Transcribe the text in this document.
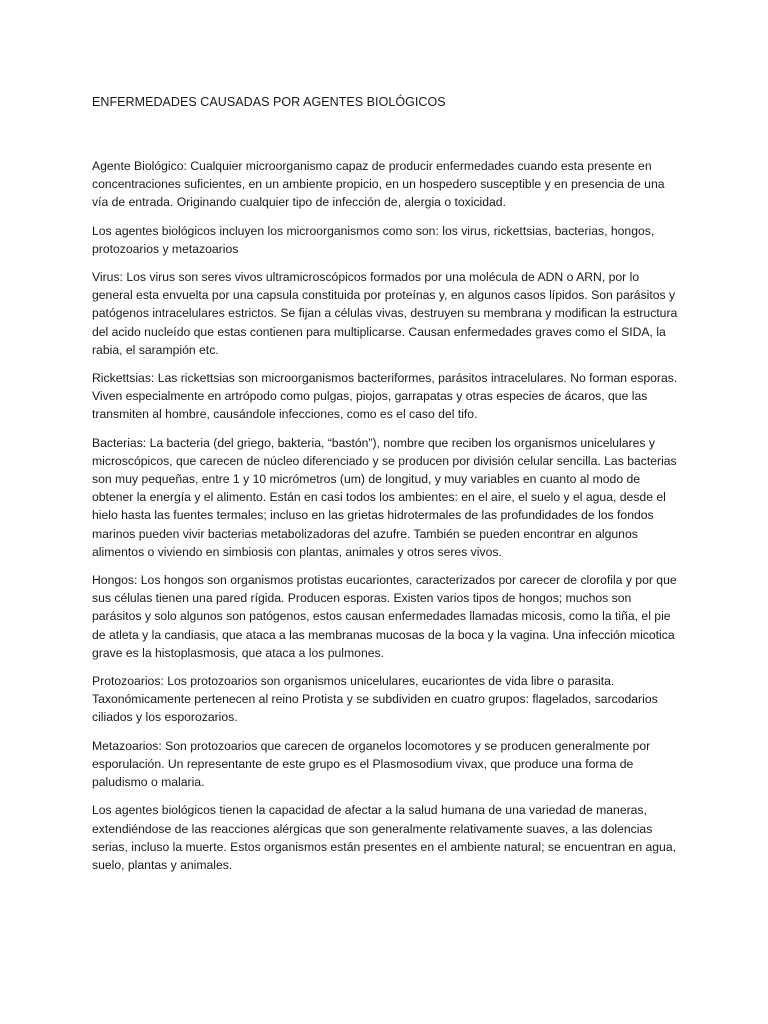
ENFERMEDADES CAUSADAS POR AGENTES BIOLÓGICOS

Agente Biológico: Cualquier microorganismo capaz de producir enfermedades cuando esta presente en concentraciones suficientes, en un ambiente propicio, en un hospedero susceptible y en presencia de una vía de entrada. Originando cualquier tipo de infección de, alergia o toxicidad.

Los agentes biológicos incluyen los microorganismos como son: los virus, rickettsias, bacterias, hongos, protozoarios y metazoarios

Virus: Los virus son seres vivos ultramicroscópicos formados por una molécula de ADN o ARN, por lo general esta envuelta por una capsula constituida por proteínas y, en algunos casos lípidos. Son parásitos y patógenos intracelulares estrictos. Se fijan a células vivas, destruyen su membrana y modifican la estructura del acido nucleído que estas contienen para multiplicarse. Causan enfermedades graves como el SIDA, la rabia, el sarampión etc.

Rickettsias: Las rickettsias son microorganismos bacteriformes, parásitos intracelulares. No forman esporas. Viven especialmente en artrópodo como pulgas, piojos, garrapatas y otras especies de ácaros, que las transmiten al hombre, causándole infecciones, como es el caso del tifo.

Bacterias: La bacteria (del griego, bakteria, “bastón”), nombre que reciben los organismos unicelulares y microscópicos, que carecen de núcleo diferenciado y se producen por división celular sencilla. Las bacterias son muy pequeñas, entre 1 y 10 micrómetros (um) de longitud, y muy variables en cuanto al modo de obtener la energía y el alimento. Están en casi todos los ambientes: en el aire, el suelo y el agua, desde el hielo hasta las fuentes termales; incluso en las grietas hidrotermales de las profundidades de los fondos marinos pueden vivir bacterias metabolizadoras del azufre. También se pueden encontrar en algunos alimentos o viviendo en simbiosis con plantas, animales y otros seres vivos.

Hongos: Los hongos son organismos protistas eucariontes, caracterizados por carecer de clorofila y por que sus células tienen una pared rígida. Producen esporas. Existen varios tipos de hongos; muchos son parásitos y solo algunos son patógenos, estos causan enfermedades llamadas micosis, como la tiña, el pie de atleta y la candiasis, que ataca a las membranas mucosas de la boca y la vagina. Una infección micotica grave es la histoplasmosis, que ataca a los pulmones.

Protozoarios: Los protozoarios son organismos unicelulares, eucariontes de vida libre o parasita. Taxonómicamente pertenecen al reino Protista y se subdividen en cuatro grupos: flagelados, sarcodarios ciliados y los esporozarios.

Metazoarios: Son protozoarios que carecen de organelos locomotores y se producen generalmente por esporulación. Un representante de este grupo es el Plasmosodium vivax, que produce una forma de paludismo o malaria.

Los agentes biológicos tienen la capacidad de afectar a la salud humana de una variedad de maneras, extendiéndose de las reacciones alérgicas que son generalmente relativamente suaves, a las dolencias serias, incluso la muerte. Estos organismos están presentes en el ambiente natural; se encuentran en agua, suelo, plantas y animales.
